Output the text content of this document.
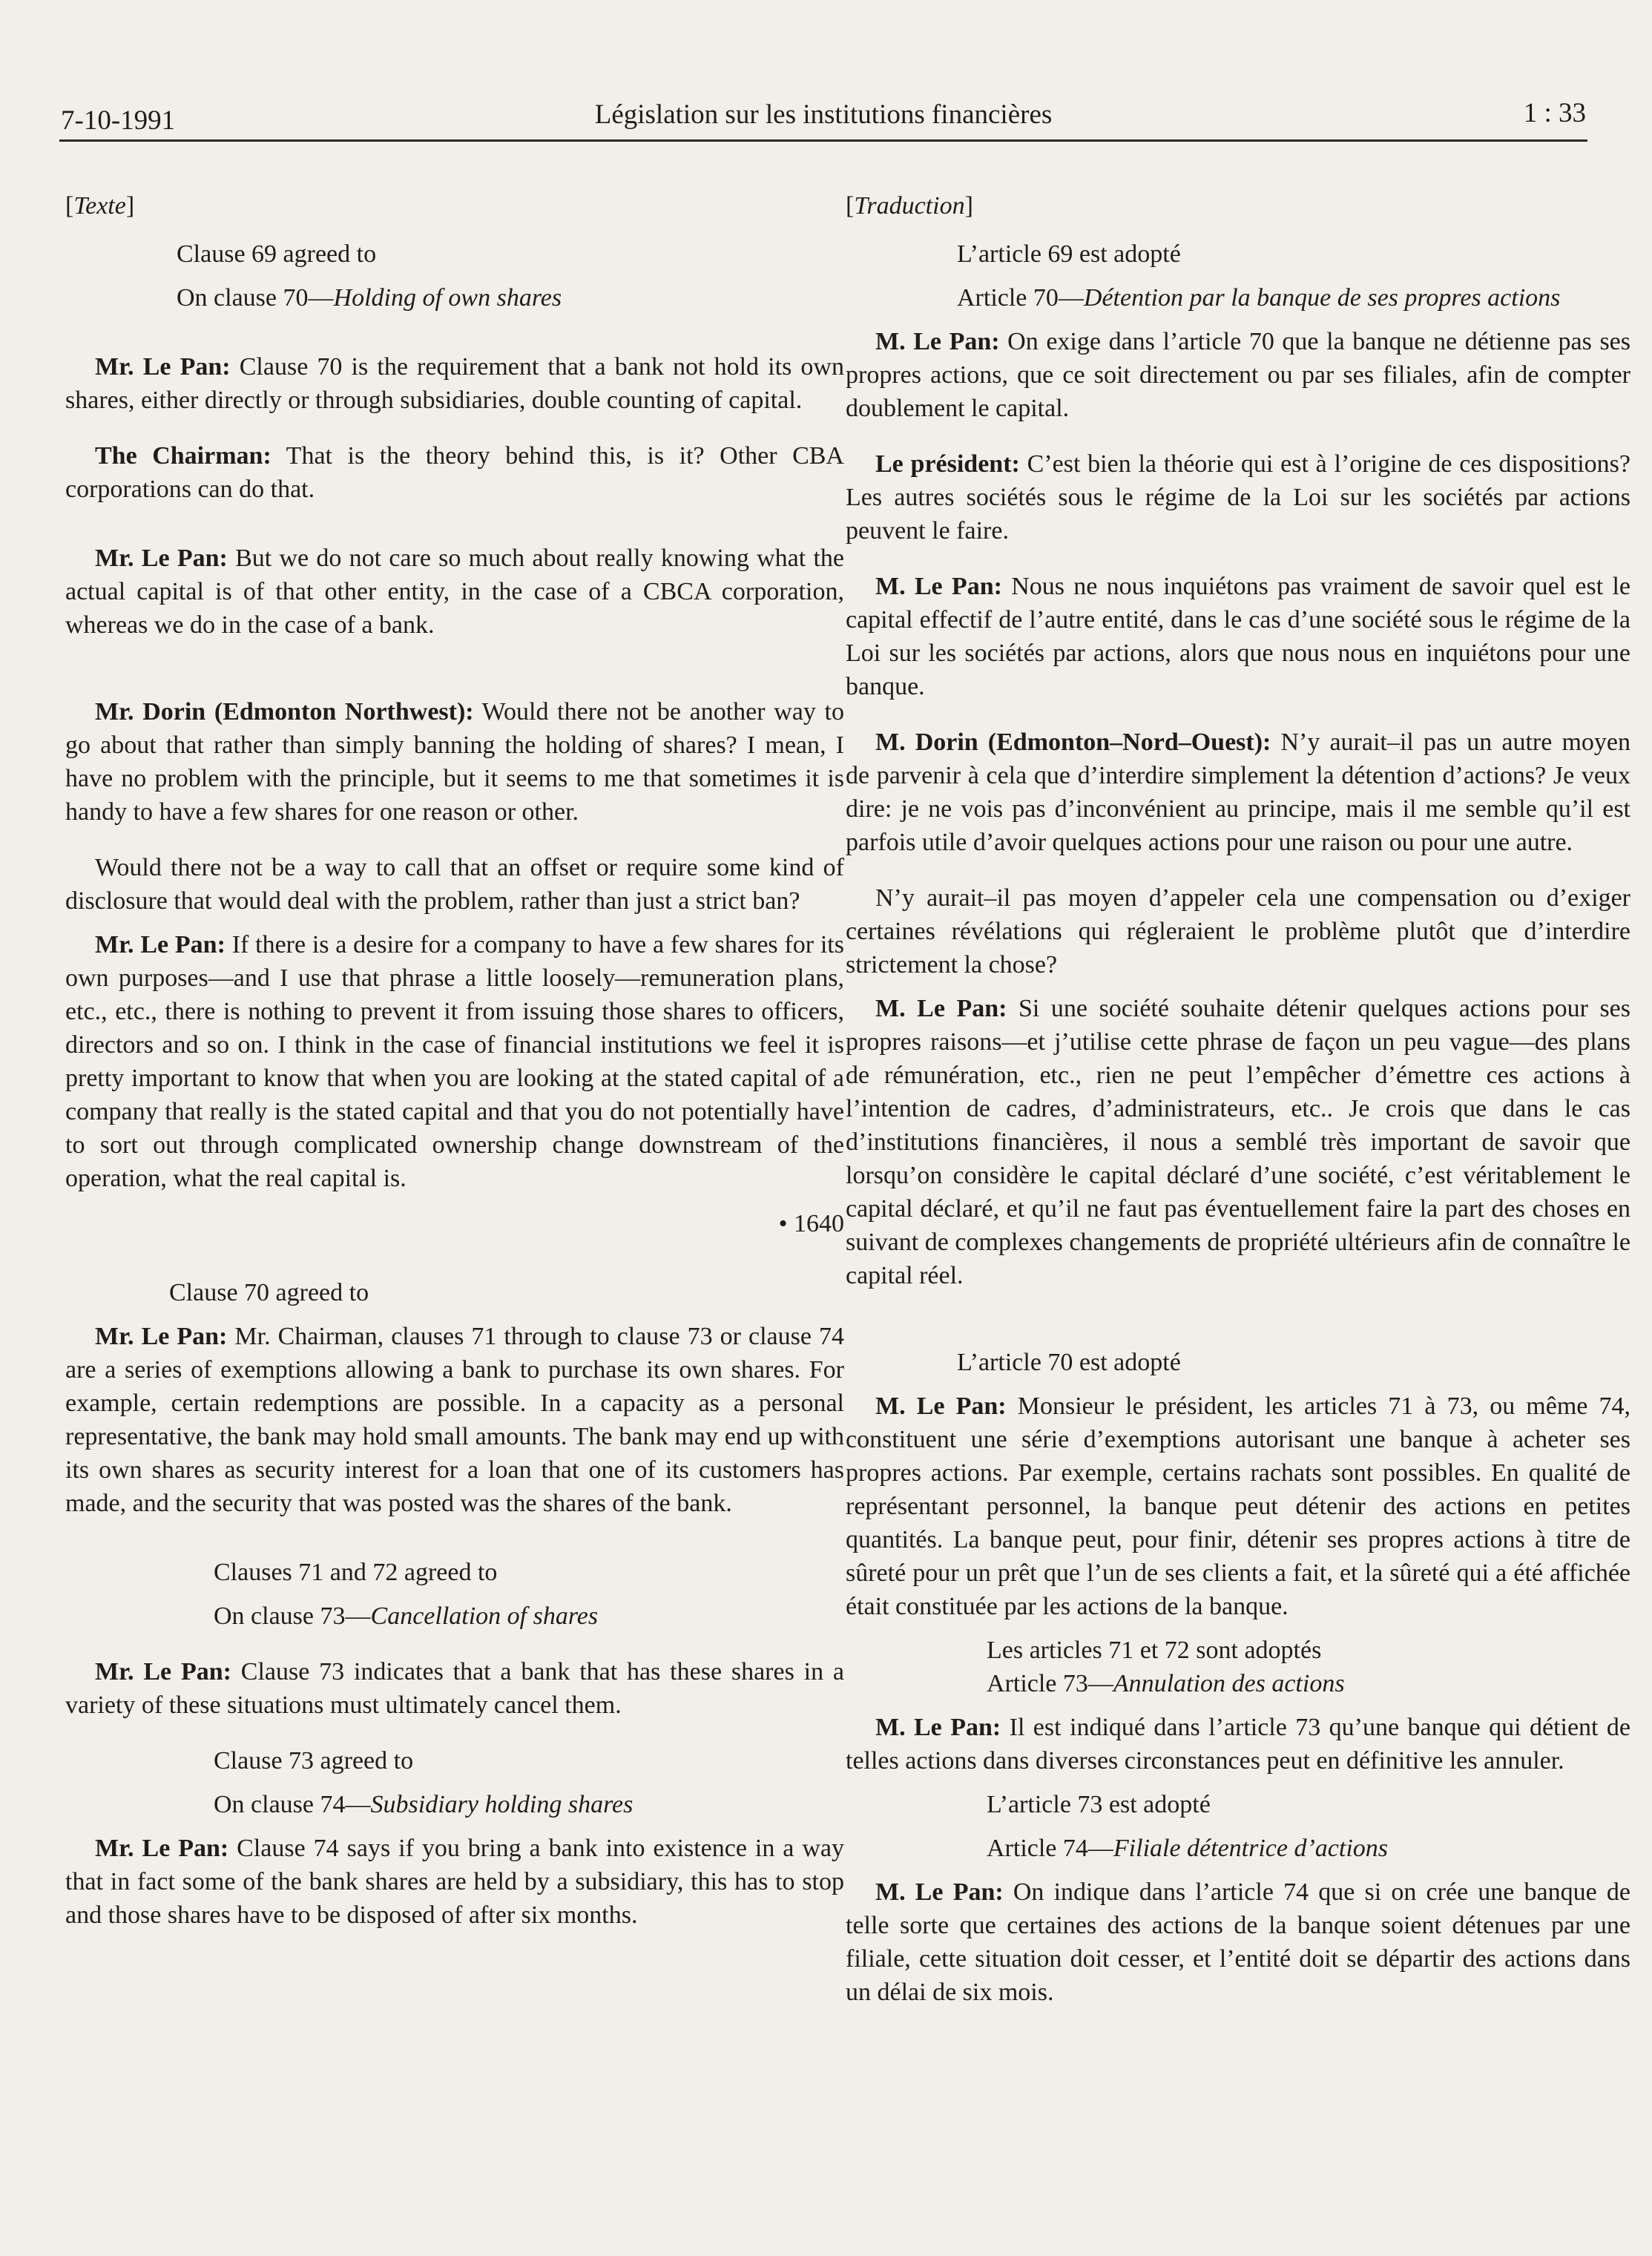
7-10-1991	Législation sur les institutions financières	1 : 33

[Texte]

Clause 69 agreed to

On clause 70—Holding of own shares

Mr. Le Pan: Clause 70 is the requirement that a bank not hold its own shares, either directly or through subsidiaries, double counting of capital.

The Chairman: That is the theory behind this, is it? Other CBA corporations can do that.

Mr. Le Pan: But we do not care so much about really knowing what the actual capital is of that other entity, in the case of a CBCA corporation, whereas we do in the case of a bank.

Mr. Dorin (Edmonton Northwest): Would there not be another way to go about that rather than simply banning the holding of shares? I mean, I have no problem with the principle, but it seems to me that sometimes it is handy to have a few shares for one reason or other.

Would there not be a way to call that an offset or require some kind of disclosure that would deal with the problem, rather than just a strict ban?

Mr. Le Pan: If there is a desire for a company to have a few shares for its own purposes—and I use that phrase a little loosely—remuneration plans, etc., etc., there is nothing to prevent it from issuing those shares to officers, directors and so on. I think in the case of financial institutions we feel it is pretty important to know that when you are looking at the stated capital of a company that really is the stated capital and that you do not potentially have to sort out through complicated ownership change downstream of the operation, what the real capital is.

• 1640

Clause 70 agreed to

Mr. Le Pan: Mr. Chairman, clauses 71 through to clause 73 or clause 74 are a series of exemptions allowing a bank to purchase its own shares. For example, certain redemptions are possible. In a capacity as a personal representative, the bank may hold small amounts. The bank may end up with its own shares as security interest for a loan that one of its customers has made, and the security that was posted was the shares of the bank.

Clauses 71 and 72 agreed to

On clause 73—Cancellation of shares

Mr. Le Pan: Clause 73 indicates that a bank that has these shares in a variety of these situations must ultimately cancel them.

Clause 73 agreed to

On clause 74—Subsidiary holding shares

Mr. Le Pan: Clause 74 says if you bring a bank into existence in a way that in fact some of the bank shares are held by a subsidiary, this has to stop and those shares have to be disposed of after six months.

[Traduction]

L’article 69 est adopté

Article 70—Détention par la banque de ses propres actions

M. Le Pan: On exige dans l’article 70 que la banque ne détienne pas ses propres actions, que ce soit directement ou par ses filiales, afin de compter doublement le capital.

Le président: C’est bien la théorie qui est à l’origine de ces dispositions? Les autres sociétés sous le régime de la Loi sur les sociétés par actions peuvent le faire.

M. Le Pan: Nous ne nous inquiétons pas vraiment de savoir quel est le capital effectif de l’autre entité, dans le cas d’une société sous le régime de la Loi sur les sociétés par actions, alors que nous nous en inquiétons pour une banque.

M. Dorin (Edmonton–Nord–Ouest): N’y aurait–il pas un autre moyen de parvenir à cela que d’interdire simplement la détention d’actions? Je veux dire: je ne vois pas d’inconvénient au principe, mais il me semble qu’il est parfois utile d’avoir quelques actions pour une raison ou pour une autre.

N’y aurait–il pas moyen d’appeler cela une compensation ou d’exiger certaines révélations qui régleraient le problème plutôt que d’interdire strictement la chose?

M. Le Pan: Si une société souhaite détenir quelques actions pour ses propres raisons—et j’utilise cette phrase de façon un peu vague—des plans de rémunération, etc., rien ne peut l’empêcher d’émettre ces actions à l’intention de cadres, d’administrateurs, etc.. Je crois que dans le cas d’institutions financières, il nous a semblé très important de savoir que lorsqu’on considère le capital déclaré d’une société, c’est véritablement le capital déclaré, et qu’il ne faut pas éventuellement faire la part des choses en suivant de complexes changements de propriété ultérieurs afin de connaître le capital réel.

L’article 70 est adopté

M. Le Pan: Monsieur le président, les articles 71 à 73, ou même 74, constituent une série d’exemptions autorisant une banque à acheter ses propres actions. Par exemple, certains rachats sont possibles. En qualité de représentant personnel, la banque peut détenir des actions en petites quantités. La banque peut, pour finir, détenir ses propres actions à titre de sûreté pour un prêt que l’un de ses clients a fait, et la sûreté qui a été affichée était constituée par les actions de la banque.

Les articles 71 et 72 sont adoptés

Article 73—Annulation des actions

M. Le Pan: Il est indiqué dans l’article 73 qu’une banque qui détient de telles actions dans diverses circonstances peut en définitive les annuler.

L’article 73 est adopté

Article 74—Filiale détentrice d’actions

M. Le Pan: On indique dans l’article 74 que si on crée une banque de telle sorte que certaines des actions de la banque soient détenues par une filiale, cette situation doit cesser, et l’entité doit se départir des actions dans un délai de six mois.
